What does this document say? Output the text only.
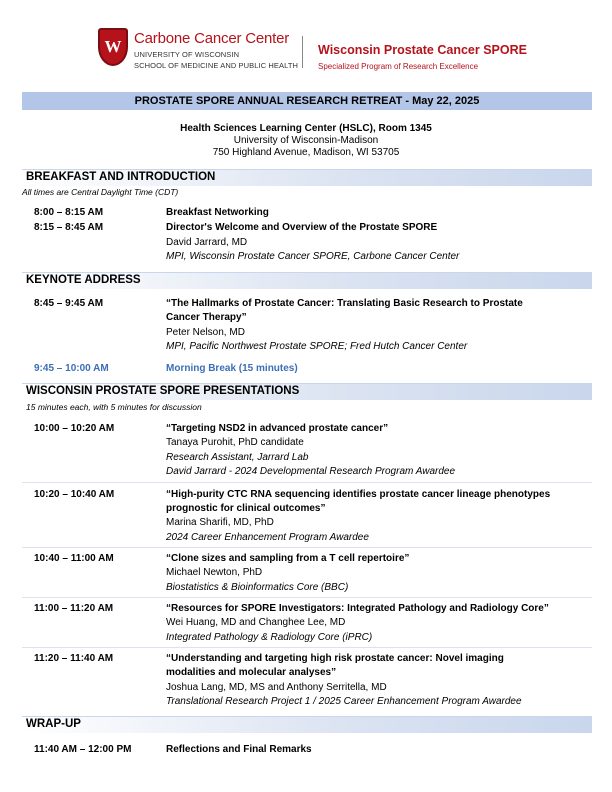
W Carbone Cancer Center
UNIVERSITY OF WISCONSIN
SCHOOL OF MEDICINE AND PUBLIC HEALTH
Wisconsin Prostate Cancer SPORE
Specialized Program of Research Excellence
PROSTATE SPORE ANNUAL RESEARCH RETREAT - May 22, 2025
Health Sciences Learning Center (HSLC), Room 1345
University of Wisconsin-Madison
750 Highland Avenue, Madison, WI 53705
BREAKFAST AND INTRODUCTION
All times are Central Daylight Time (CDT)
8:00 – 8:15 AM	Breakfast Networking
8:15 – 8:45 AM	Director's Welcome and Overview of the Prostate SPORE
David Jarrard, MD
MPI, Wisconsin Prostate Cancer SPORE, Carbone Cancer Center
KEYNOTE ADDRESS
8:45 – 9:45 AM	“The Hallmarks of Prostate Cancer: Translating Basic Research to Prostate
Cancer Therapy”
Peter Nelson, MD
MPI, Pacific Northwest Prostate SPORE; Fred Hutch Cancer Center
9:45 – 10:00 AM	Morning Break (15 minutes)
WISCONSIN PROSTATE SPORE PRESENTATIONS
15 minutes each, with 5 minutes for discussion
10:00 – 10:20 AM	“Targeting NSD2 in advanced prostate cancer”
Tanaya Purohit, PhD candidate
Research Assistant, Jarrard Lab
David Jarrard - 2024 Developmental Research Program Awardee
10:20 – 10:40 AM	“High-purity CTC RNA sequencing identifies prostate cancer lineage phenotypes
prognostic for clinical outcomes”
Marina Sharifi, MD, PhD
2024 Career Enhancement Program Awardee
10:40 – 11:00 AM	“Clone sizes and sampling from a T cell repertoire”
Michael Newton, PhD
Biostatistics & Bioinformatics Core (BBC)
11:00 – 11:20 AM	“Resources for SPORE Investigators: Integrated Pathology and Radiology Core”
Wei Huang, MD and Changhee Lee, MD
Integrated Pathology & Radiology Core (iPRC)
11:20 – 11:40 AM	“Understanding and targeting high risk prostate cancer: Novel imaging
modalities and molecular analyses”
Joshua Lang, MD, MS and Anthony Serritella, MD
Translational Research Project 1 / 2025 Career Enhancement Program Awardee
WRAP-UP
11:40 AM – 12:00 PM	Reflections and Final Remarks
